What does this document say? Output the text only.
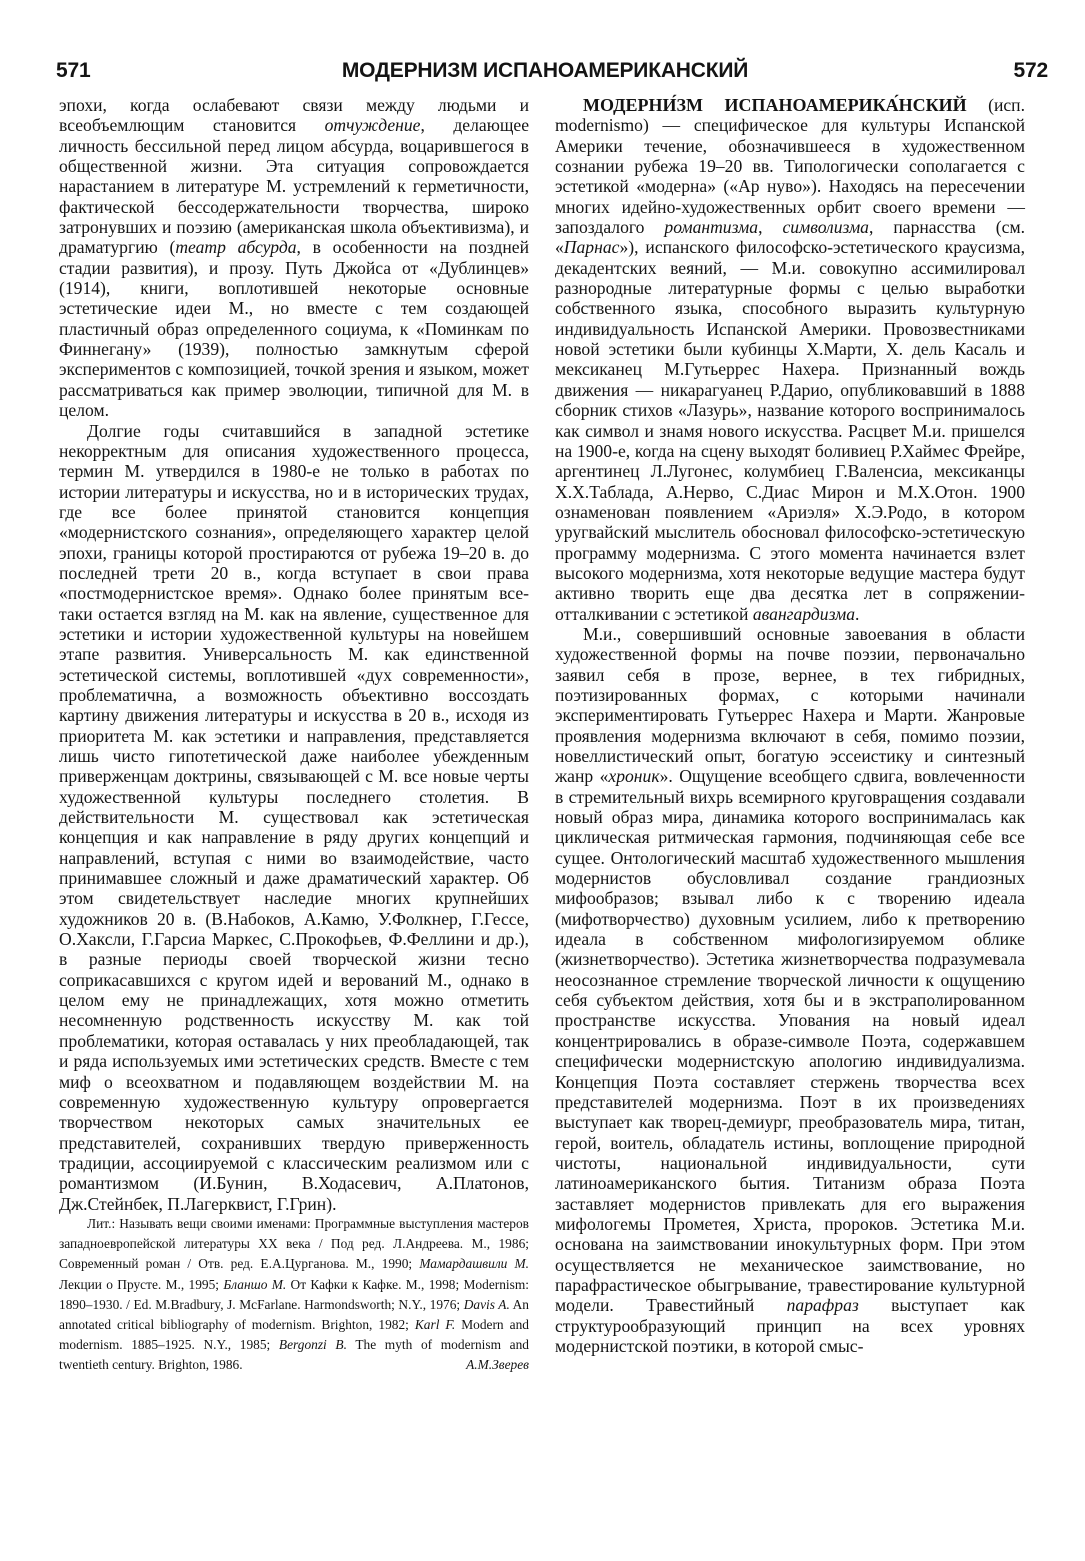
МОДЕРНИЗМ ИСПАНОАМЕРИКАНСКИЙ
571	572

эпохи, когда ослабевают связи между людьми и всеобъемлющим становится отчуждение, делающее личность бессильной перед лицом абсурда, воцарившегося в общественной жизни. Эта ситуация сопровождается нарастанием в литературе М. устремлений к герметичности, фактической бессодержательности творчества, широко затронувших и поэзию (американская школа объективизма), и драматургию (театр абсурда, в особенности на поздней стадии развития), и прозу. Путь Джойса от «Дублинцев» (1914), книги, воплотившей некоторые основные эстетические идеи М., но вместе с тем создающей пластичный образ определенного социума, к «Поминкам по Финнегану» (1939), полностью замкнутым сферой экспериментов с композицией, точкой зрения и языком, может рассматриваться как пример эволюции, типичной для М. в целом.

Долгие годы считавшийся в западной эстетике некорректным для описания художественного процесса, термин М. утвердился в 1980-е не только в работах по истории литературы и искусства, но и в исторических трудах, где все более принятой становится концепция «модернистского сознания», определяющего характер целой эпохи, границы которой простираются от рубежа 19–20 в. до последней трети 20 в., когда вступает в свои права «постмодернистское время». Однако более принятым все-таки остается взгляд на М. как на явление, существенное для эстетики и истории художественной культуры на новейшем этапе развития. Универсальность М. как единственной эстетической системы, воплотившей «дух современности», проблематична, а возможность объективно воссоздать картину движения литературы и искусства в 20 в., исходя из приоритета М. как эстетики и направления, представляется лишь чисто гипотетической даже наиболее убежденным приверженцам доктрины, связывающей с М. все новые черты художественной культуры последнего столетия. В действительности М. существовал как эстетическая концепция и как направление в ряду других концепций и направлений, вступая с ними во взаимодействие, часто принимавшее сложный и даже драматический характер. Об этом свидетельствует наследие многих крупнейших художников 20 в. (В.Набоков, А.Камю, У.Фолкнер, Г.Гессе, О.Хаксли, Г.Гарсиа Маркес, С.Прокофьев, Ф.Феллини и др.), в разные периоды своей творческой жизни тесно соприкасавшихся с кругом идей и верований М., однако в целом ему не принадлежащих, хотя можно отметить несомненную родственность искусству М. как той проблематики, которая оставалась у них преобладающей, так и ряда используемых ими эстетических средств. Вместе с тем миф о всеохватном и подавляющем воздействии М. на современную художественную культуру опровергается творчеством некоторых самых значительных ее представителей, сохранивших твердую приверженность традиции, ассоциируемой с классическим реализмом или с романтизмом (И.Бунин, В.Ходасевич, А.Платонов, Дж.Стейнбек, П.Лагерквист, Г.Грин).

Лит.: Называть вещи своими именами: Программные выступления мастеров западноевропейской литературы XX века / Под ред. Л.Андреева. М., 1986; Современный роман / Отв. ред. Е.А.Цурганова. М., 1990; Мамардашвили М. Лекции о Прусте. М., 1995; Бланшо М. От Кафки к Кафке. М., 1998; Modernism: 1890–1930. / Ed. M.Bradbury, J. McFarlane. Harmondsworth; N.Y., 1976; Davis A. An annotated critical bibliography of modernism. Brighton, 1982; Karl F. Modern and modernism. 1885–1925. N.Y., 1985; Bergonzi B. The myth of modernism and twentieth century. Brighton, 1986.	А.М.Зверев

МОДЕРНИ́ЗМ ИСПАНОАМЕРИКА́НСКИЙ (исп. modernismo) — специфическое для культуры Испанской Америки течение, обозначившееся в художественном сознании рубежа 19–20 вв. Типологически сополагается с эстетикой «модерна» («Ар нуво»). Находясь на пересечении многих идейно-художественных орбит своего времени — запоздалого романтизма, символизма, парнасства (см. «Парнас»), испанского философско-эстетического краусизма, декадентских веяний, — М.и. совокупно ассимилировал разнородные литературные формы с целью выработки собственного языка, способного выразить культурную индивидуальность Испанской Америки. Провозвестниками новой эстетики были кубинцы Х.Марти, Х. дель Касаль и мексиканец М.Гутьеррес Нахера. Признанный вождь движения — никарагуанец Р.Дарио, опубликовавший в 1888 сборник стихов «Лазурь», название которого воспринималось как символ и знамя нового искусства. Расцвет М.и. пришелся на 1900-е, когда на сцену выходят боливиец Р.Хаймес Фрейре, аргентинец Л.Лугонес, колумбиец Г.Валенсиа, мексиканцы Х.Х.Таблада, А.Нерво, С.Диас Мирон и М.Х.Отон. 1900 ознаменован появлением «Ариэля» Х.Э.Родо, в котором уругвайский мыслитель обосновал философско-эстетическую программу модернизма. С этого момента начинается взлет высокого модернизма, хотя некоторые ведущие мастера будут активно творить еще два десятка лет в сопряжении-отталкивании с эстетикой авангардизма.

М.и., совершивший основные завоевания в области художественной формы на почве поэзии, первоначально заявил себя в прозе, вернее, в тех гибридных, поэтизированных формах, с которыми начинали экспериментировать Гутьеррес Нахера и Марти. Жанровые проявления модернизма включают в себя, помимо поэзии, новеллистический опыт, богатую эссеистику и синтезный жанр «хроник». Ощущение всеобщего сдвига, вовлеченности в стремительный вихрь всемирного круговращения создавали новый образ мира, динамика которого воспринималась как циклическая ритмическая гармония, подчиняющая себе все сущее. Онтологический масштаб художественного мышления модернистов обусловливал создание грандиозных мифообразов; взывал либо к с творению идеала (мифотворчество) духовным усилием, либо к претворению идеала в собственном мифологизируемом облике (жизнетворчество). Эстетика жизнетворчества подразумевала неосознанное стремление творческой личности к ощущению себя субъектом действия, хотя бы и в экстраполированном пространстве искусства. Упования на новый идеал концентрировались в образе-символе Поэта, содержавшем специфически модернистскую апологию индивидуализма. Концепция Поэта составляет стержень творчества всех представителей модернизма. Поэт в их произведениях выступает как творец-демиург, преобразователь мира, титан, герой, воитель, обладатель истины, воплощение природной чистоты, национальной индивидуальности, сути латиноамериканского бытия. Титанизм образа Поэта заставляет модернистов привлекать для его выражения мифологемы Прометея, Христа, пророков. Эстетика М.и. основана на заимствовании инокультурных форм. При этом осуществляется не механическое заимствование, но парафрастическое обыгрывание, травестирование культурной модели. Травестийный парафраз выступает как структурообразующий принцип на всех уровнях модернистской поэтики, в которой смыс-
